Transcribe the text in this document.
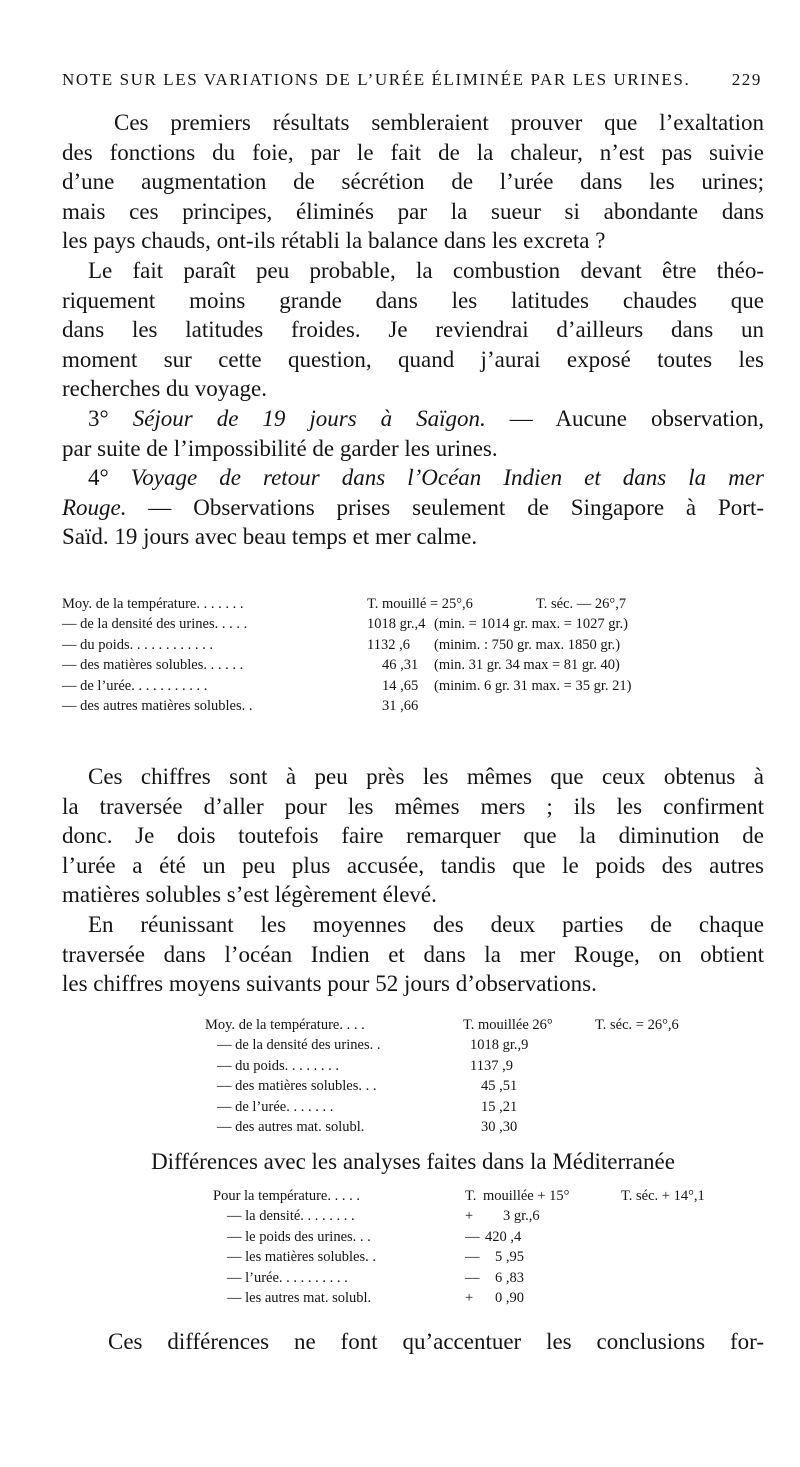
NOTE SUR LES VARIATIONS DE L’URÉE ÉLIMINÉE PAR LES URINES. 229

Ces premiers résultats sembleraient prouver que l’exaltation

des fonctions du foie, par le fait de la chaleur, n’est pas suivie
d’une augmentation de sécrétion de l’urée dans les urines;
mais ces principes, éliminés par la sueur si abondante dans
les pays chauds, ont-ils rétabli la balance dans les excreta ?

Le fait paraît peu probable, la combustion devant être théo-
riquement moins grande dans les latitudes chaudes que
dans les latitudes froides. Je reviendrai d’ailleurs dans un
moment sur cette question, quand j’aurai exposé toutes les
recherches du voyage.

3° Séjour de 19 jours à Saïgon. — Aucune observation,
par suite de l’impossibilité de garder les urines.

4° Voyage de retour dans l’Océan Indien et dans la mer
Rouge. — Observations prises seulement de Singapore à Port-
Saïd. 19 jours avec beau temps et mer calme.

Moy. de la température. . . . . . .	T. mouillé = 25°,6	T. séc. — 26°,7
— de la densité des urines. . . . .	1018 gr.,4 (min. = 1014 gr. max. = 1027 gr.)
— du poids. . . . . . . . . . . .	1132 ,6 (minim. : 750 gr. max. 1850 gr.)
— des matières solubles. . . . . .	46 ,31 (min. 31 gr. 34 max = 81 gr. 40)
— de l’urée. . . . . . . . . . .	14 ,65 (minim. 6 gr. 31 max. = 35 gr. 21)
— des autres matières solubles. .	31 ,66

Ces chiffres sont à peu près les mêmes que ceux obtenus à
la traversée d’aller pour les mêmes mers ; ils les confirment
donc. Je dois toutefois faire remarquer que la diminution de
l’urée a été un peu plus accusée, tandis que le poids des autres
matières solubles s’est légèrement élevé.

En réunissant les moyennes des deux parties de chaque
traversée dans l’océan Indien et dans la mer Rouge, on obtient
les chiffres moyens suivants pour 52 jours d’observations.

Moy. de la température. . . .	T. mouillée 26°	T. séc. = 26°,6
— de la densité des urines. .	1018 gr.,9
— du poids. . . . . . . .	1137 ,9
— des matières solubles. . .	45 ,51
— de l’urée. . . . . . .	15 ,21
— des autres mat. solubl.	30 ,30
Différences avec les analyses faites dans la Méditerranée
Pour la température. . . . .	T. mouillée + 15°	T. séc. + 14°,1
— la densité. . . . . . . .	+ 3 gr.,6
— le poids des urines. . .	— 420 ,4
— les matières solubles. .	— 5 ,95
— l’urée. . . . . . . . . .	— 6 ,83
— les autres mat. solubl.	+ 0 ,90

Ces différences ne font qu’accentuer les conclusions for-
